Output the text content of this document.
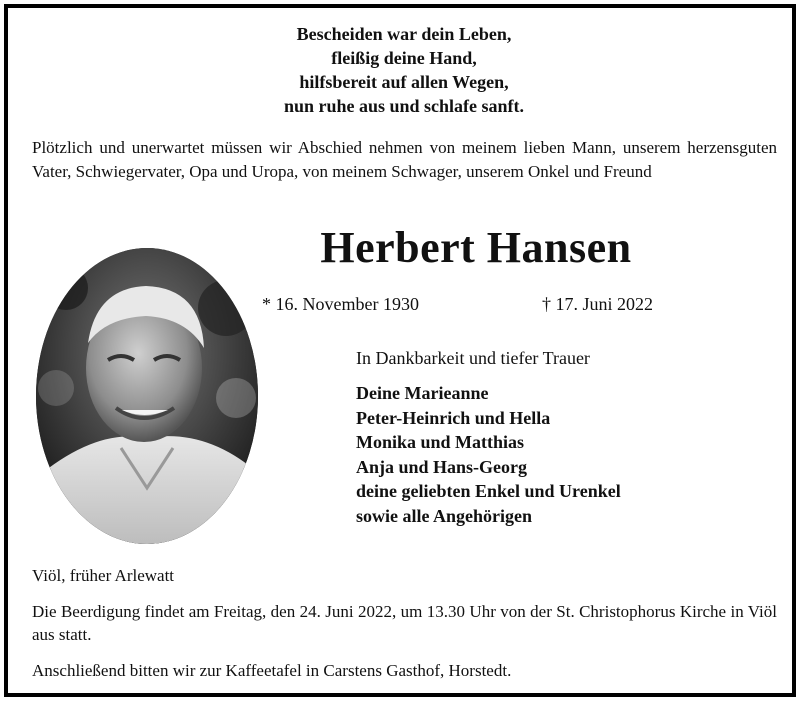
Bescheiden war dein Leben,
fleißig deine Hand,
hilfsbereit auf allen Wegen,
nun ruhe aus und schlafe sanft.
Plötzlich und unerwartet müssen wir Abschied nehmen von meinem lieben Mann, unserem herzensguten Vater, Schwiegervater, Opa und Uropa, von meinem Schwager, unserem Onkel und Freund
Herbert Hansen
* 16. November 1930	† 17. Juni 2022
In Dankbarkeit und tiefer Trauer
Deine Marieanne
Peter-Heinrich und Hella
Monika und Matthias
Anja und Hans-Georg
deine geliebten Enkel und Urenkel
sowie alle Angehörigen
Viöl, früher Arlewatt
Die Beerdigung findet am Freitag, den 24. Juni 2022, um 13.30 Uhr von der St. Christophorus Kirche in Viöl aus statt.
Anschließend bitten wir zur Kaffeetafel in Carstens Gasthof, Horstedt.
